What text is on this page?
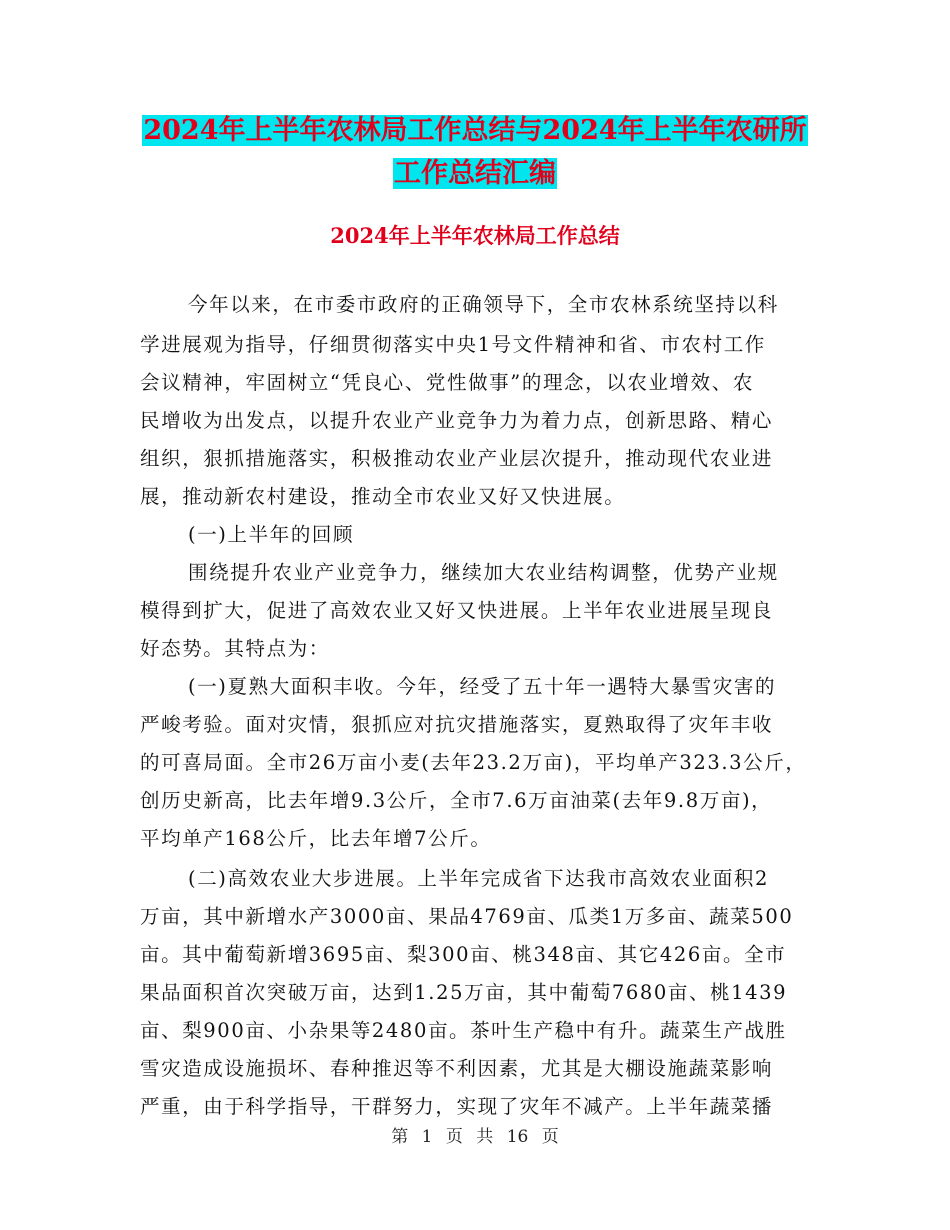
2024年上半年农林局工作总结与2024年上半年农研所
工作总结汇编
2024年上半年农林局工作总结
今年以来，在市委市政府的正确领导下，全市农林系统坚持以科
学进展观为指导，仔细贯彻落实中央1号文件精神和省、市农村工作
会议精神，牢固树立“凭良心、党性做事”的理念，以农业增效、农
民增收为出发点，以提升农业产业竞争力为着力点，创新思路、精心
组织，狠抓措施落实，积极推动农业产业层次提升，推动现代农业进
展，推动新农村建设，推动全市农业又好又快进展。
(一)上半年的回顾
围绕提升农业产业竞争力，继续加大农业结构调整，优势产业规
模得到扩大，促进了高效农业又好又快进展。上半年农业进展呈现良
好态势。其特点为：
(一)夏熟大面积丰收。今年，经受了五十年一遇特大暴雪灾害的
严峻考验。面对灾情，狠抓应对抗灾措施落实，夏熟取得了灾年丰收
的可喜局面。全市26万亩小麦(去年23.2万亩)，平均单产323.3公斤，
创历史新高，比去年增9.3公斤，全市7.6万亩油菜(去年9.8万亩)，
平均单产168公斤，比去年增7公斤。
(二)高效农业大步进展。上半年完成省下达我市高效农业面积2
万亩，其中新增水产3000亩、果品4769亩、瓜类1万多亩、蔬菜500
亩。其中葡萄新增3695亩、梨300亩、桃348亩、其它426亩。全市
果品面积首次突破万亩，达到1.25万亩，其中葡萄7680亩、桃1439
亩、梨900亩、小杂果等2480亩。茶叶生产稳中有升。蔬菜生产战胜
雪灾造成设施损坏、春种推迟等不利因素，尤其是大棚设施蔬菜影响
严重，由于科学指导，干群努力，实现了灾年不减产。上半年蔬菜播
第 1 页 共 16 页
